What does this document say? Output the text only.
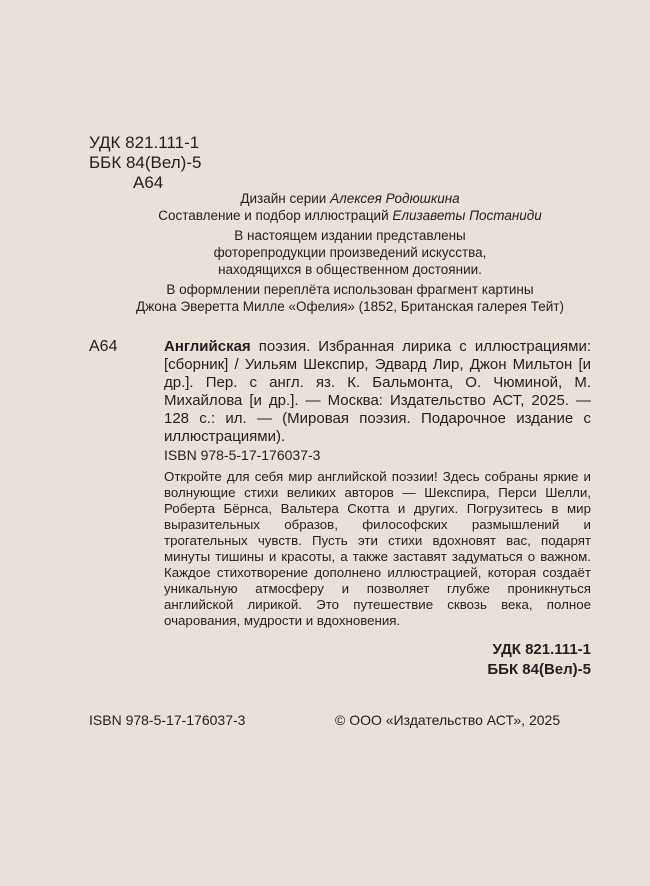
УДК 821.111-1
ББК 84(Вел)-5
А64

Дизайн серии Алексея Родюшкина

Составление и подбор иллюстраций Елизаветы Постаниди

В настоящем издании представлены

фоторепродукции произведений искусства,

находящихся в общественном достоянии.

В оформлении переплёта использован фрагмент картины

Джона Эверетта Милле «Офелия» (1852, Британская галерея Тейт)

А64	Английская поэзия. Избранная лирика с иллюстрациями: [сборник] / Уильям Шекспир, Эдвард Лир, Джон Мильтон [и др.]. Пер. с англ. яз. К. Бальмонта, О. Чюминой, М. Михайлова [и др.]. — Москва: Издательство АСТ, 2025. — 128 с.: ил. — (Мировая поэзия. Подарочное издание с иллюстрациями).
ISBN 978-5-17-176037-3
Откройте для себя мир английской поэзии! Здесь собраны яркие и волнующие стихи великих авторов — Шекспира, Перси Шелли, Роберта Бёрнса, Вальтера Скотта и других. Погрузитесь в мир выразительных образов, философских размышлений и трогательных чувств. Пусть эти стихи вдохновят вас, подарят минуты тишины и красоты, а также заставят задуматься о важном. Каждое стихотворение дополнено иллюстрацией, которая создаёт уникальную атмосферу и позволяет глубже проникнуться английской лирикой. Это путешествие сквозь века, полное очарования, мудрости и вдохновения.
УДК 821.111-1
ББК 84(Вел)-5
ISBN 978-5-17-176037-3	© ООО «Издательство АСТ», 2025
